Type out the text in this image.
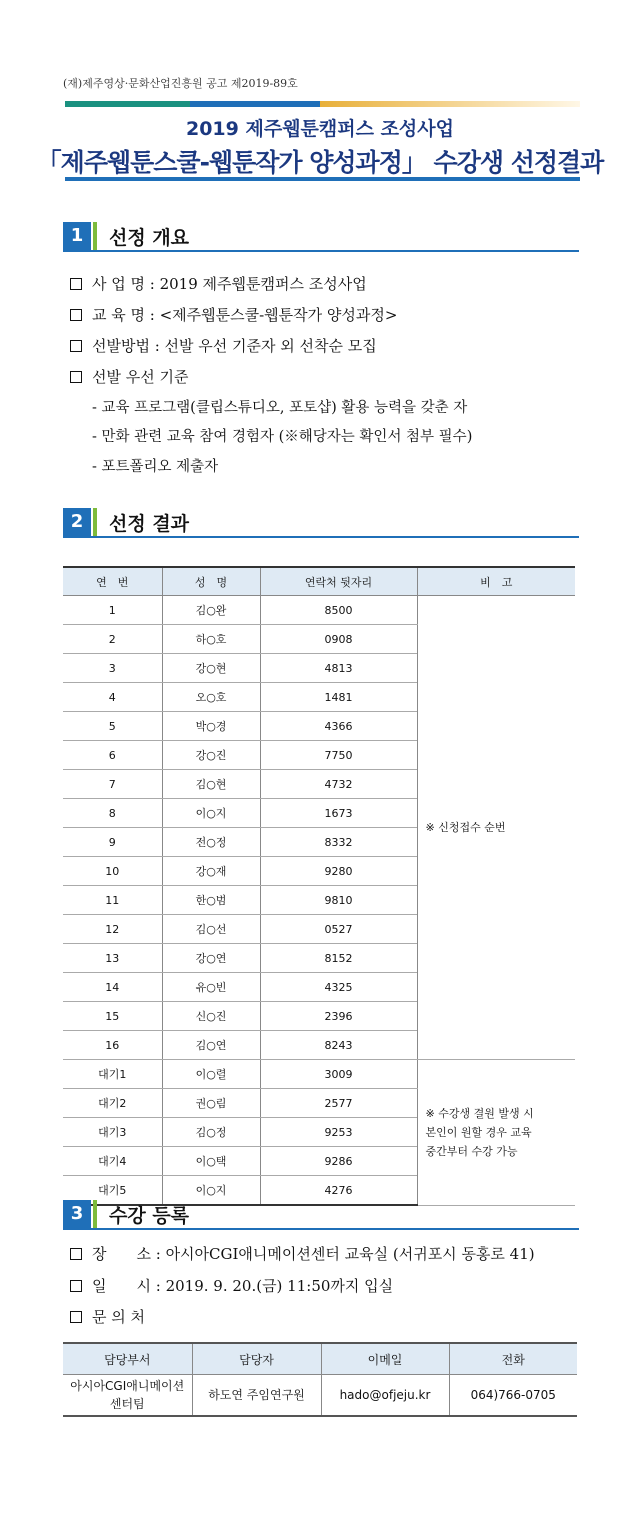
(재)제주영상·문화산업진흥원 공고 제2019-89호
2019 제주웹툰캠퍼스 조성사업
「제주웹툰스쿨-웹툰작가 양성과정」 수강생 선정결과
1	선정 개요
사 업 명 : 2019 제주웹툰캠퍼스 조성사업
교 육 명 : <제주웹툰스쿨-웹툰작가 양성과정>
선발방법 : 선발 우선 기준자 외 선착순 모집
선발 우선 기준
- 교육 프로그램(클립스튜디오, 포토샵) 활용 능력을 갖춘 자
- 만화 관련 교육 참여 경험자 (※해당자는 확인서 첨부 필수)
- 포트폴리오 제출자
2	선정 결과
연　번	성　명	연락처 뒷자리	비　고
1	김○완	8500	※ 신청접수 순번
2	하○호	0908	
3	강○현	4813	
4	오○호	1481	
5	박○경	4366	
6	강○진	7750	
7	김○현	4732	
8	이○지	1673	
9	전○정	8332	
10	강○재	9280	
11	한○범	9810	
12	김○선	0527	
13	강○연	8152	
14	유○빈	4325	
15	신○진	2396	
16	김○연	8243	
대기1	이○렬	3009	※ 수강생 결원 발생 시
본인이 원할 경우 교육
중간부터 수강 가능
대기2	권○림	2577	
대기3	김○정	9253	
대기4	이○택	9286	
대기5	이○지	4276	
3	수강 등록
장　　소 : 아시아CGI애니메이션센터 교육실 (서귀포시 동홍로 41)
일　　시 : 2019. 9. 20.(금) 11:50까지 입실
문 의 처
담당부서	담당자	이메일	전화
아시아CGI애니메이션
센터팀	하도연 주임연구원	hado@ofjeju.kr	064)766-0705
